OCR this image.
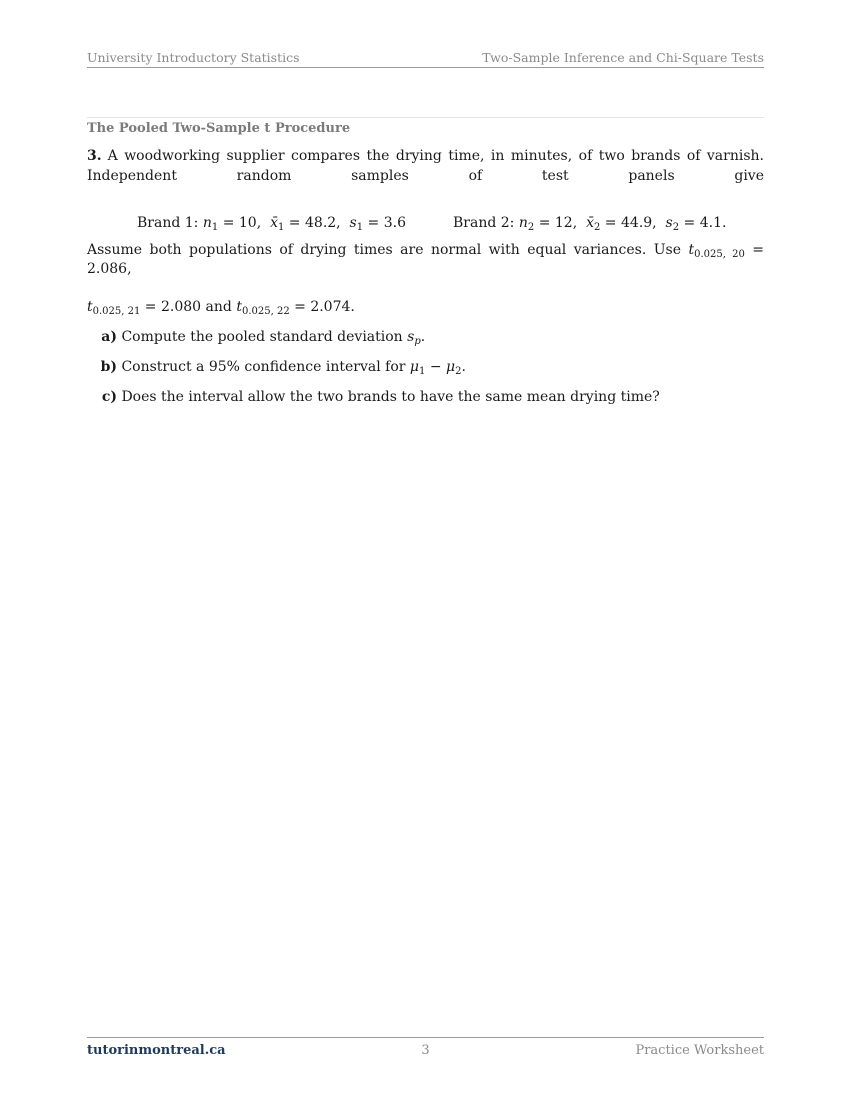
University Introductory Statistics	Two-Sample Inference and Chi-Square Tests
The Pooled Two-Sample t Procedure
3. A woodworking supplier compares the drying time, in minutes, of two brands of varnish. Independent random samples of test panels give
Brand 1: $n_1 = 10$,  $x̄_1 = 48.2$,  $s_1 = 3.6$	Brand 2: $n_2 = 12$,  $x̄_2 = 44.9$,  $s_2 = 4.1$.
Assume both populations of drying times are normal with equal variances. Use $t_{0.025, 20} = 2.086$, $t_{0.025, 21} = 2.080$ and $t_{0.025, 22} = 2.074$.
a) Compute the pooled standard deviation $s_p$.
b) Construct a 95% confidence interval for $\mu_1 - \mu_2$.
c) Does the interval allow the two brands to have the same mean drying time?
tutorinmontreal.ca	3	Practice Worksheet
